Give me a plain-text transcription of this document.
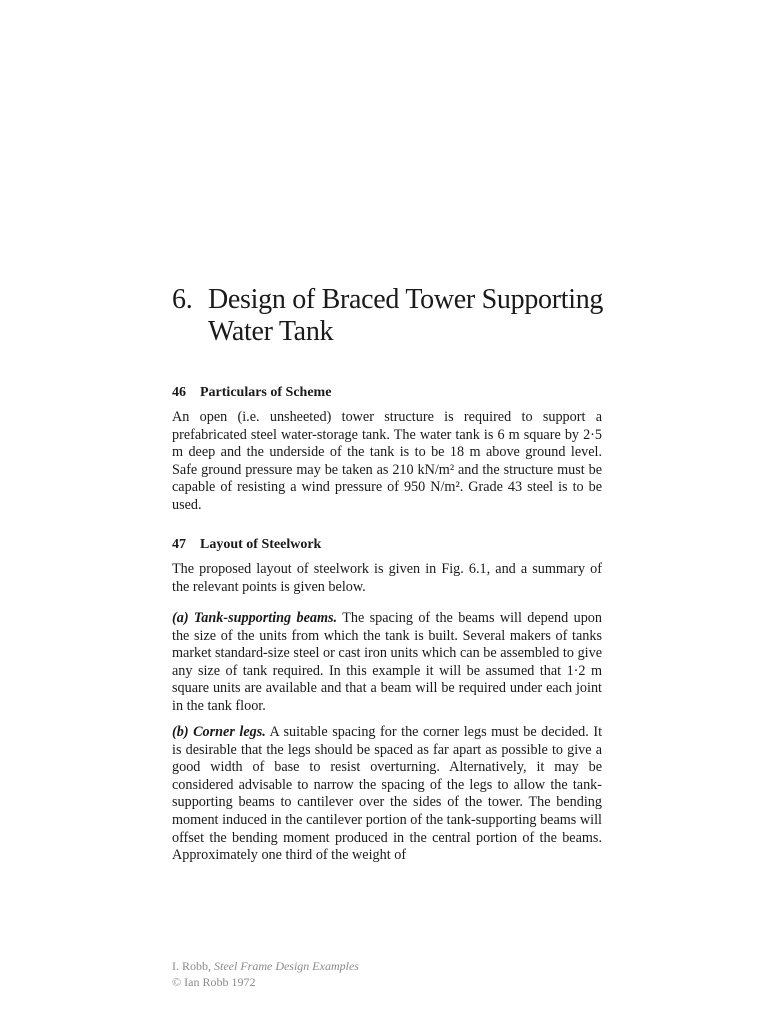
6. Design of Braced Tower Supporting
Water Tank
46 Particulars of Scheme

An open (i.e. unsheeted) tower structure is required to support a prefabricated steel water-storage tank. The water tank is 6 m square by 2·5 m deep and the underside of the tank is to be 18 m above ground level. Safe ground pressure may be taken as 210 kN/m² and the structure must be capable of resisting a wind pressure of 950 N/m². Grade 43 steel is to be used.

47 Layout of Steelwork

The proposed layout of steelwork is given in Fig. 6.1, and a summary of the relevant points is given below.

(a) Tank-supporting beams. The spacing of the beams will depend upon the size of the units from which the tank is built. Several makers of tanks market standard-size steel or cast iron units which can be assembled to give any size of tank required. In this example it will be assumed that 1·2 m square units are available and that a beam will be required under each joint in the tank floor.

(b) Corner legs. A suitable spacing for the corner legs must be decided. It is desirable that the legs should be spaced as far apart as possible to give a good width of base to resist overturning. Alternatively, it may be considered advisable to narrow the spacing of the legs to allow the tank-supporting beams to cantilever over the sides of the tower. The bending moment induced in the cantilever portion of the tank-supporting beams will offset the bending moment produced in the central portion of the beams. Approximately one third of the weight of

I. Robb, Steel Frame Design Examples
© Ian Robb 1972
